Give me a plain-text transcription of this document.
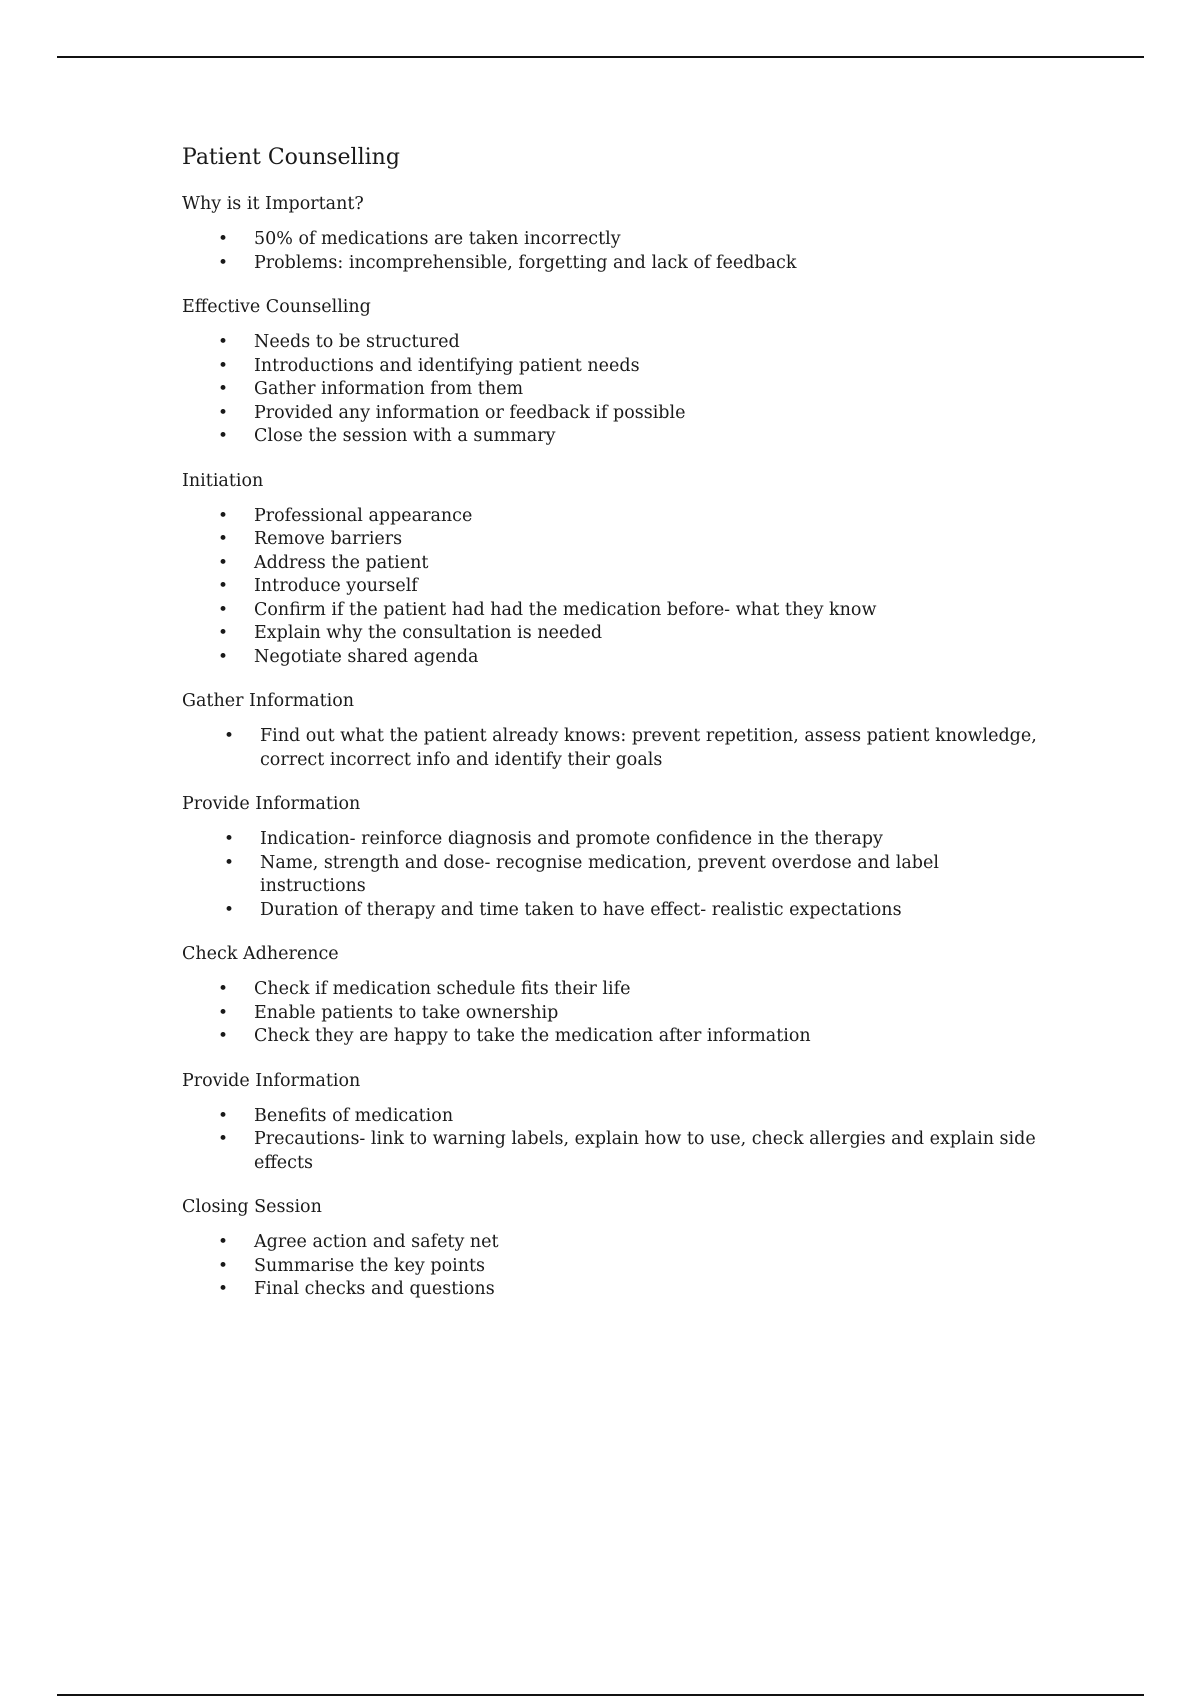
Patient Counselling
Why is it Important?
• 50% of medications are taken incorrectly
• Problems: incomprehensible, forgetting and lack of feedback
Effective Counselling
• Needs to be structured
• Introductions and identifying patient needs
• Gather information from them
• Provided any information or feedback if possible
• Close the session with a summary
Initiation
• Professional appearance
• Remove barriers
• Address the patient
• Introduce yourself
• Confirm if the patient had had the medication before- what they know
• Explain why the consultation is needed
• Negotiate shared agenda
Gather Information
• Find out what the patient already knows: prevent repetition, assess patient knowledge, correct incorrect info and identify their goals
Provide Information
• Indication- reinforce diagnosis and promote confidence in the therapy
• Name, strength and dose- recognise medication, prevent overdose and label instructions
• Duration of therapy and time taken to have effect- realistic expectations
Check Adherence
• Check if medication schedule fits their life
• Enable patients to take ownership
• Check they are happy to take the medication after information
Provide Information
• Benefits of medication
• Precautions- link to warning labels, explain how to use, check allergies and explain side effects
Closing Session
• Agree action and safety net
• Summarise the key points
• Final checks and questions
